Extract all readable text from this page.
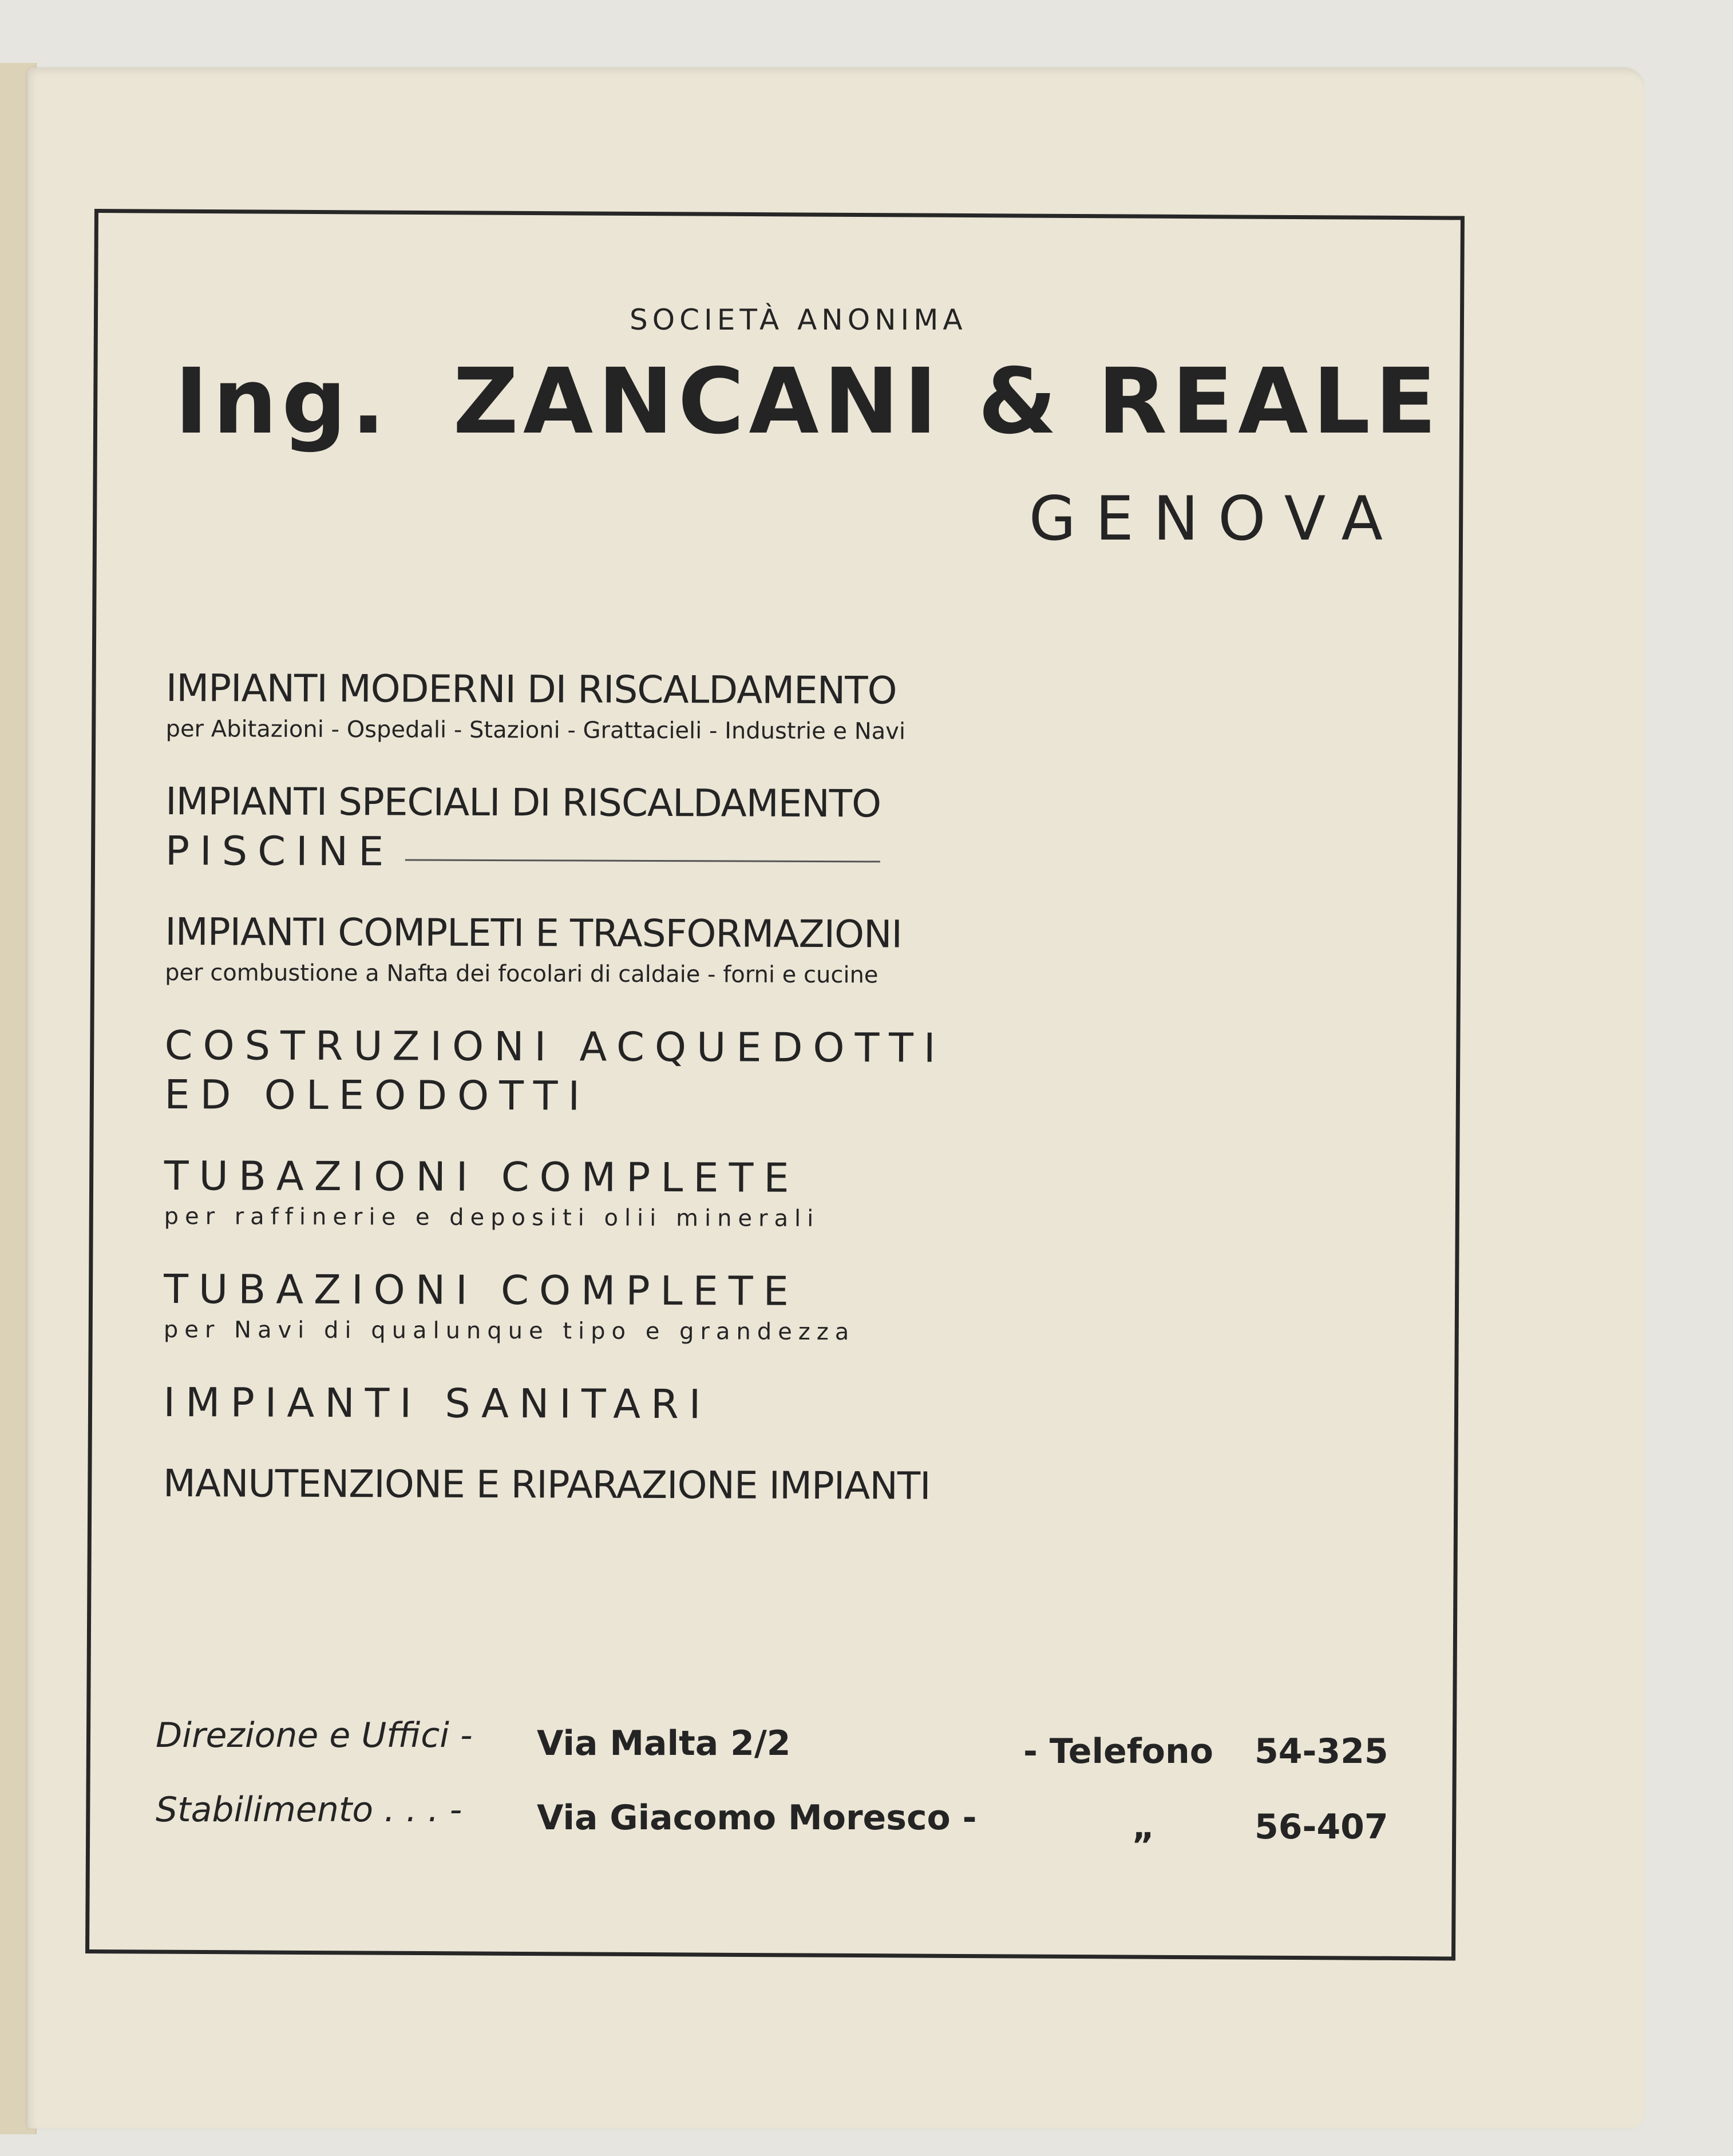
SOCIETÀ ANONIMA
Ing. ZANCANI & REALE
GENOVA
IMPIANTI MODERNI DI RISCALDAMENTO
per Abitazioni - Ospedali - Stazioni - Grattacieli - Industrie e Navi
IMPIANTI SPECIALI DI RISCALDAMENTO
PISCINE
IMPIANTI COMPLETI E TRASFORMAZIONI
per combustione a Nafta dei focolari di caldaie - forni e cucine
COSTRUZIONI ACQUEDOTTI
ED OLEODOTTI
TUBAZIONI COMPLETE
per raffinerie e depositi olii minerali
TUBAZIONI COMPLETE
per Navi di qualunque tipo e grandezza
IMPIANTI SANITARI
MANUTENZIONE E RIPARAZIONE IMPIANTI
Direzione e Uffici - Via Malta 2/2	- Telefono 54-325
Stabilimento . . . - Via Giacomo Moresco -	„	56-407
